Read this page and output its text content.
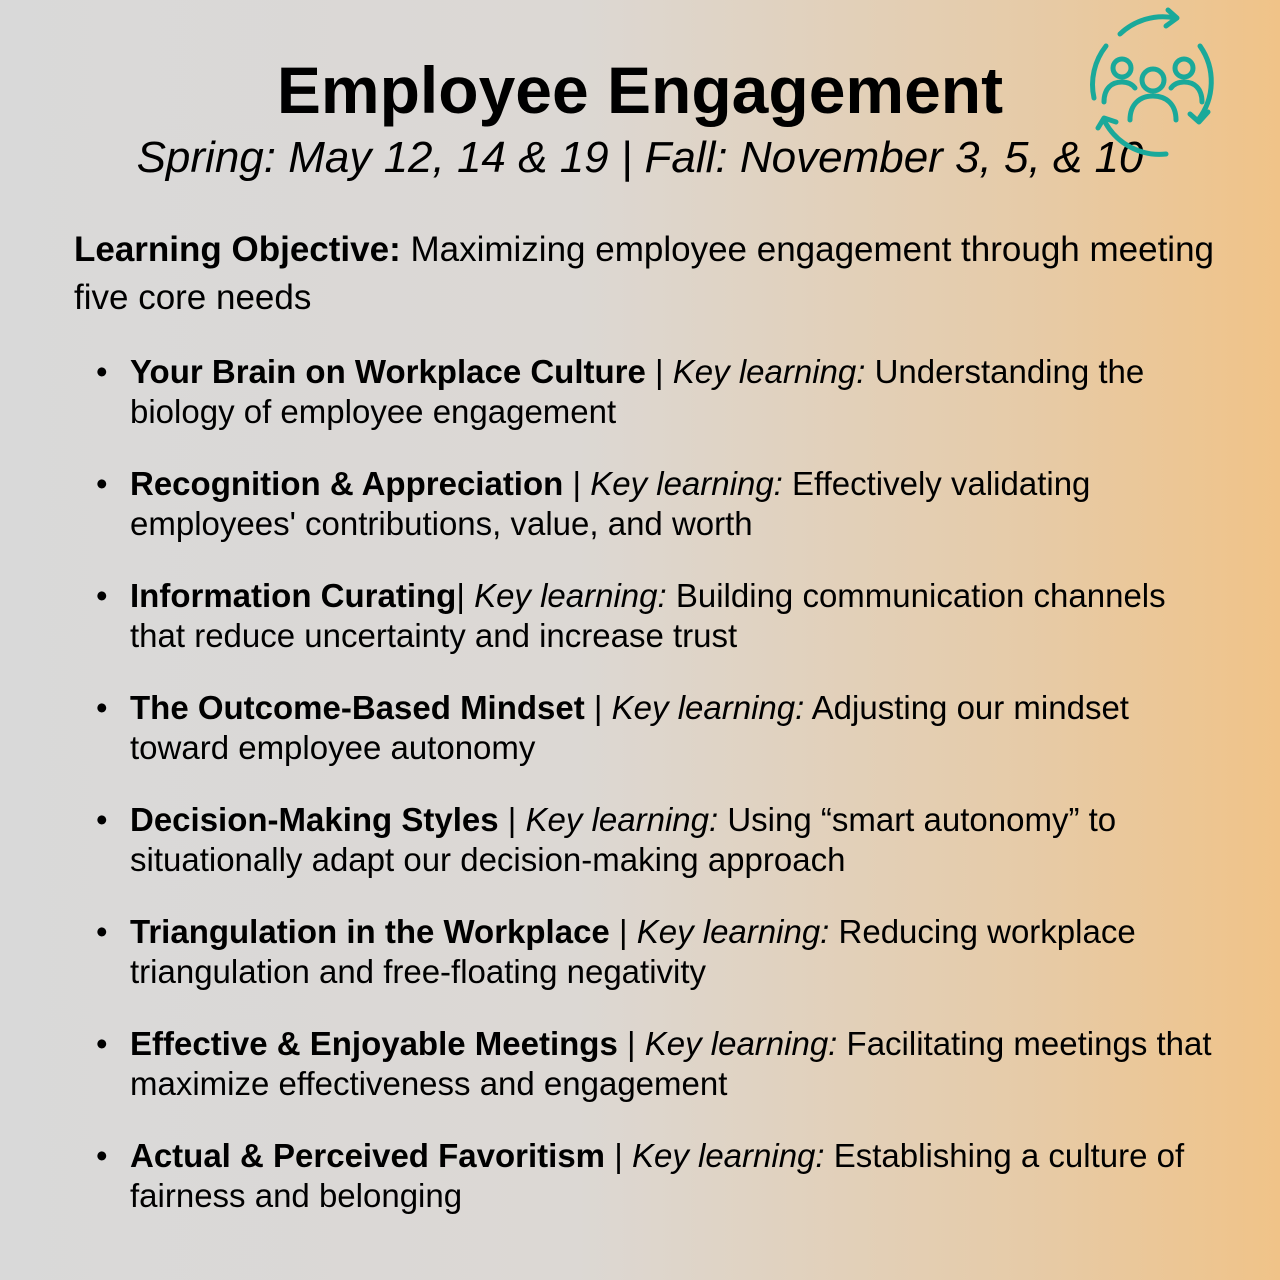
Employee Engagement
Spring: May 12, 14 & 19 | Fall: November 3, 5, & 10
Learning Objective: Maximizing employee engagement through meeting five core needs
• Your Brain on Workplace Culture | Key learning: Understanding the biology of employee engagement
• Recognition & Appreciation | Key learning: Effectively validating employees' contributions, value, and worth
• Information Curating| Key learning: Building communication channels that reduce uncertainty and increase trust
• The Outcome-Based Mindset | Key learning: Adjusting our mindset toward employee autonomy
• Decision-Making Styles | Key learning: Using “smart autonomy” to situationally adapt our decision-making approach
• Triangulation in the Workplace | Key learning: Reducing workplace triangulation and free-floating negativity
• Effective & Enjoyable Meetings | Key learning: Facilitating meetings that maximize effectiveness and engagement
• Actual & Perceived Favoritism | Key learning: Establishing a culture of fairness and belonging
